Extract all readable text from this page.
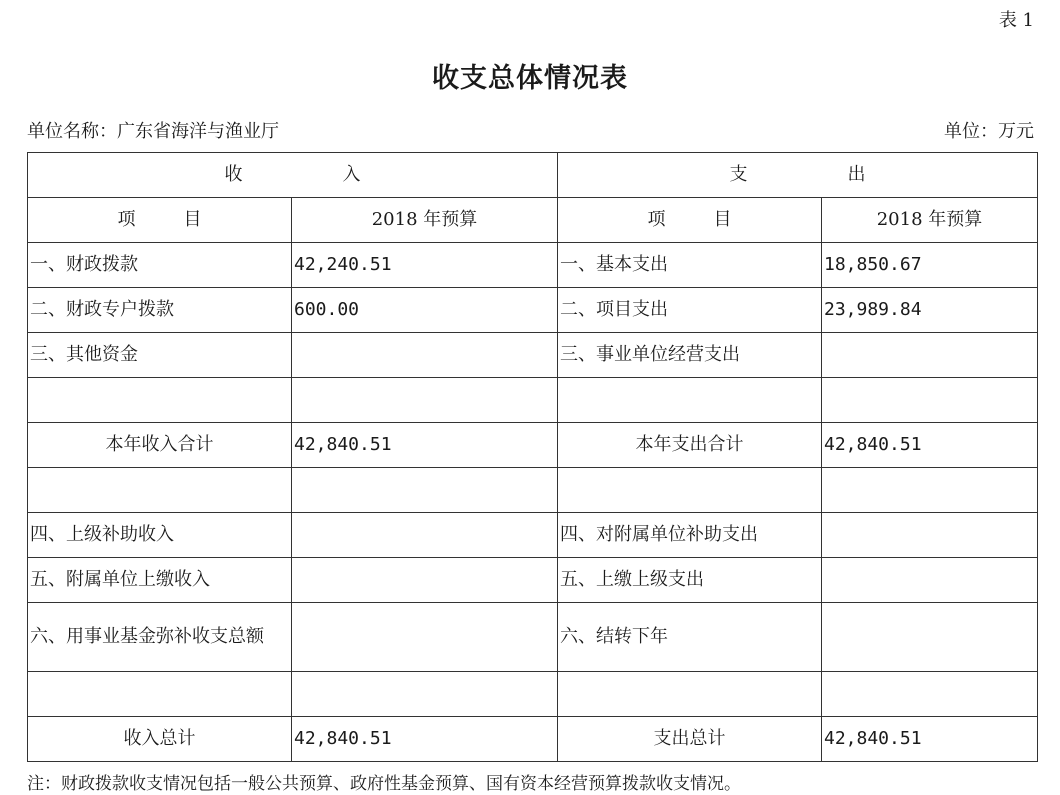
表 1
收支总体情况表
单位名称：广东省海洋与渔业厅	单位：万元
收 入		支 出	
项 目	2018 年预算	项 目	2018 年预算
一、财政拨款	42,240.51	一、基本支出	18,850.67
二、财政专户拨款	600.00	二、项目支出	23,989.84
三、其他资金		三、事业单位经营支出	

本年收入合计	42,840.51	本年支出合计	42,840.51

四、上级补助收入		四、对附属单位补助支出	
五、附属单位上缴收入		五、上缴上级支出	
六、用事业基金弥补收支总额		六、结转下年	

收入总计	42,840.51	支出总计	42,840.51
注：财政拨款收支情况包括一般公共预算、政府性基金预算、国有资本经营预算拨款收支情况。
